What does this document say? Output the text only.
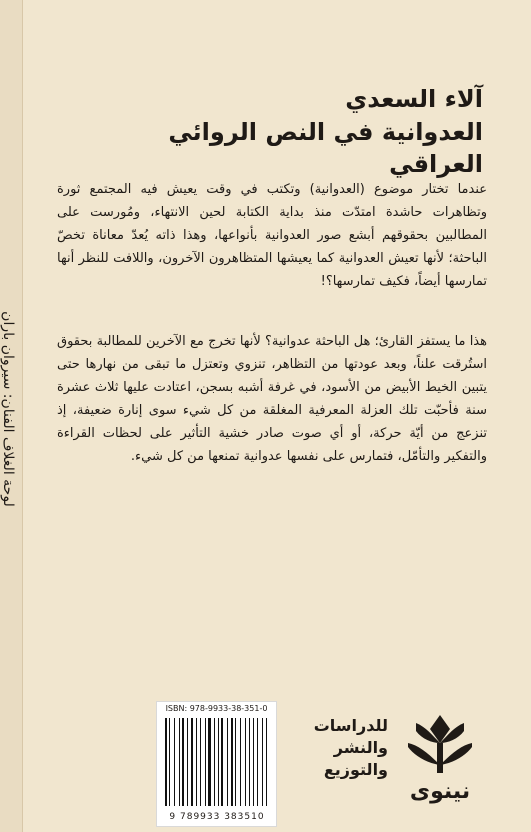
لوحة الغلاف الفنان: سيروان باران
آلاء السعدي
العدوانية في النص الروائي العراقي
عندما تختار موضوع (العدوانية) وتكتب في وقت يعيش فيه المجتمع ثورة وتظاهرات حاشدة امتدّت منذ بداية الكتابة لحين الانتهاء، ومُورست على المطالبين بحقوقهم أبشع صور العدوانية بأنواعها، وهذا ذاته يُعدّ معاناة تخصّ الباحثة؛ لأنها تعيش العدوانية كما يعيشها المتظاهرون الآخرون، واللافت للنظر أنها تمارسها أيضاً، فكيف تمارسها؟!
هذا ما يستفز القارئ؛ هل الباحثة عدوانية؟ لأنها تخرج مع الآخرين للمطالبة بحقوق استُرقت علناً، وبعد عودتها من التظاهر، تنزوي وتعتزل ما تبقى من نهارها حتى يتبين الخيط الأبيض من الأسود، في غرفة أشبه بسجن، اعتادت عليها ثلاث عشرة سنة فأحبّت تلك العزلة المعرفية المغلقة من كل شيء سوى إنارة ضعيفة، إذ تنزعج من أيّة حركة، أو أي صوت صادر خشية التأثير على لحظات القراءة والتفكير والتأمّل، فتمارس على نفسها عدوانية تمنعها من كل شيء.
ISBN: 978-9933-38-351-0
9 789933 383510
للدراسات
والنشر
والتوزيع
نينوى
